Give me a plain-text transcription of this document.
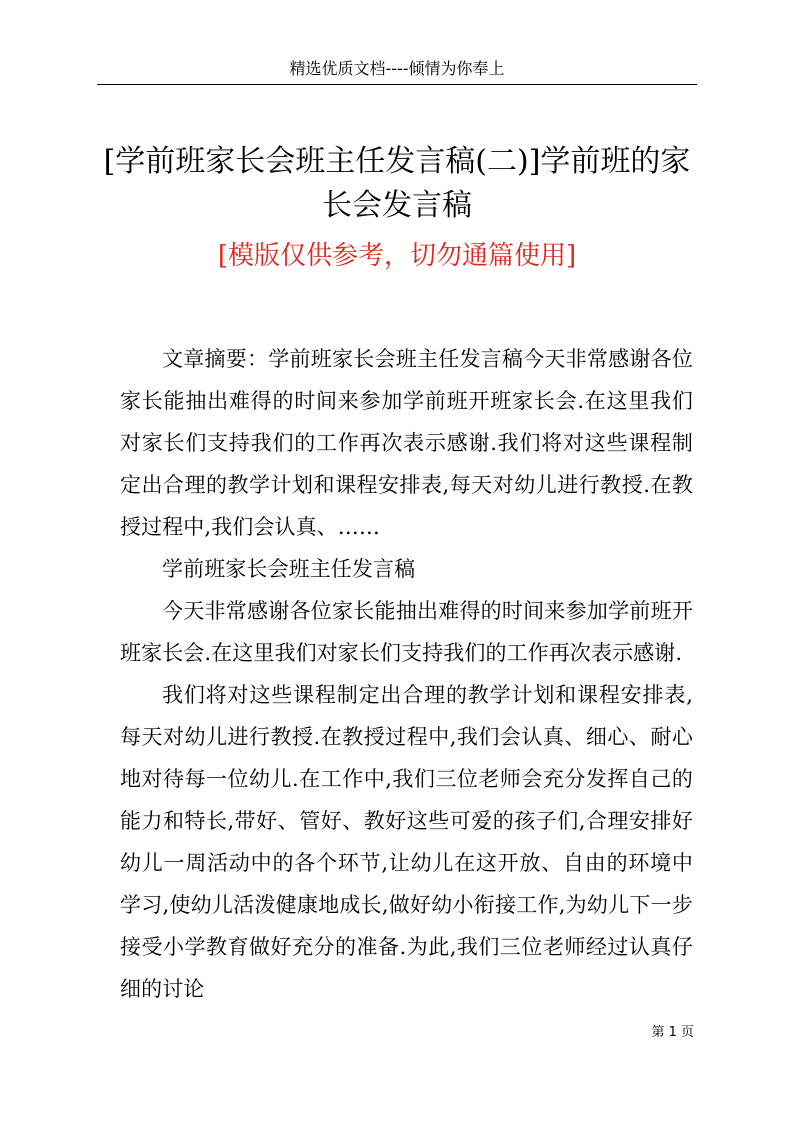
精选优质文档----倾情为你奉上
[学前班家长会班主任发言稿(二)]学前班的家长会发言稿
[模版仅供参考，切勿通篇使用]

文章摘要：学前班家长会班主任发言稿今天非常感谢各位家长能抽出难得的时间来参加学前班开班家长会.在这里我们对家长们支持我们的工作再次表示感谢.我们将对这些课程制定出合理的教学计划和课程安排表,每天对幼儿进行教授.在教授过程中,我们会认真、……

学前班家长会班主任发言稿

今天非常感谢各位家长能抽出难得的时间来参加学前班开班家长会.在这里我们对家长们支持我们的工作再次表示感谢.

我们将对这些课程制定出合理的教学计划和课程安排表,每天对幼儿进行教授.在教授过程中,我们会认真、细心、耐心地对待每一位幼儿.在工作中,我们三位老师会充分发挥自己的能力和特长,带好、管好、教好这些可爱的孩子们,合理安排好幼儿一周活动中的各个环节,让幼儿在这开放、自由的环境中学习,使幼儿活泼健康地成长,做好幼小衔接工作,为幼儿下一步接受小学教育做好充分的准备.为此,我们三位老师经过认真仔细的讨论

第 1 页
